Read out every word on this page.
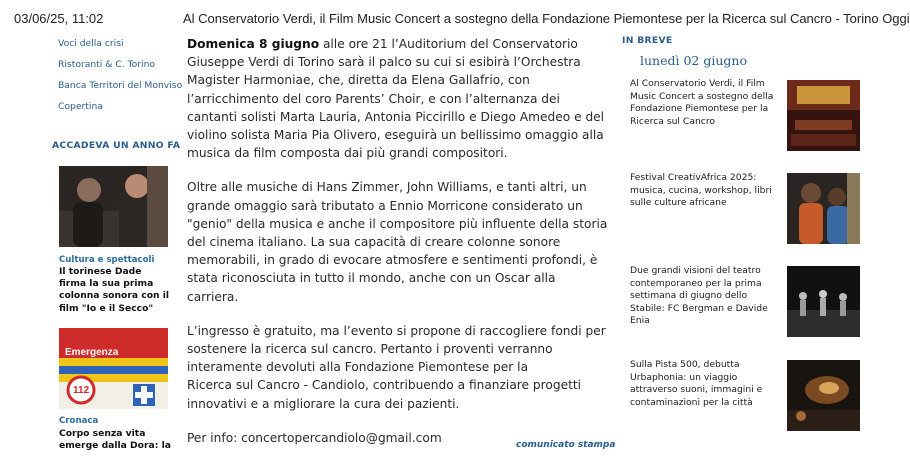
03/06/25, 11:02	Al Conservatorio Verdi, il Film Music Concert a sostegno della Fondazione Piemontese per la Ricerca sul Cancro - Torino Oggi
Voci della crisi
Ristoranti & C. Torino
Banca Territori del Monviso
Copertina
ACCADEVA UN ANNO FA
Cultura e spettacoli
Il torinese Dade firma la sua prima colonna sonora con il film "Io e il Secco"
Emergenza
112
Cronaca
Corpo senza vita emerge dalla Dora: la

Domenica 8 giugno alle ore 21 l’Auditorium del Conservatorio Giuseppe Verdi di Torino sarà il palco su cui si esibirà l’Orchestra Magister Harmoniae, che, diretta da Elena Gallafrio, con l’arricchimento del coro Parents’ Choir, e con l’alternanza dei cantanti solisti Marta Lauria, Antonia Piccirillo e Diego Amedeo e del violino solista Maria Pia Olivero, eseguirà un bellissimo omaggio alla musica da film composta dai più grandi compositori.

Oltre alle musiche di Hans Zimmer, John Williams, e tanti altri, un grande omaggio sarà tributato a Ennio Morricone considerato un "genio" della musica e anche il compositore più influente della storia del cinema italiano. La sua capacità di creare colonne sonore memorabili, in grado di evocare atmosfere e sentimenti profondi, è stata riconosciuta in tutto il mondo, anche con un Oscar alla carriera.

L’ingresso è gratuito, ma l’evento si propone di raccogliere fondi per sostenere la ricerca sul cancro. Pertanto i proventi verranno interamente devoluti alla Fondazione Piemontese per la
Ricerca sul Cancro - Candiolo, contribuendo a finanziare progetti innovativi e a migliorare la cura dei pazienti.

Per info: concertopercandiolo@gmail.com

comunicato stampa
IN BREVE
lunedì 02 giugno
Al Conservatorio Verdi, il Film Music Concert a sostegno della Fondazione Piemontese per la Ricerca sul Cancro
Festival CreativAfrica 2025: musica, cucina, workshop, libri sulle culture africane
Due grandi visioni del teatro contemporaneo per la prima settimana di giugno dello Stabile: FC Bergman e Davide Enia
Sulla Pista 500, debutta Urbaphonia: un viaggio attraverso suoni, immagini e contaminazioni per la città
